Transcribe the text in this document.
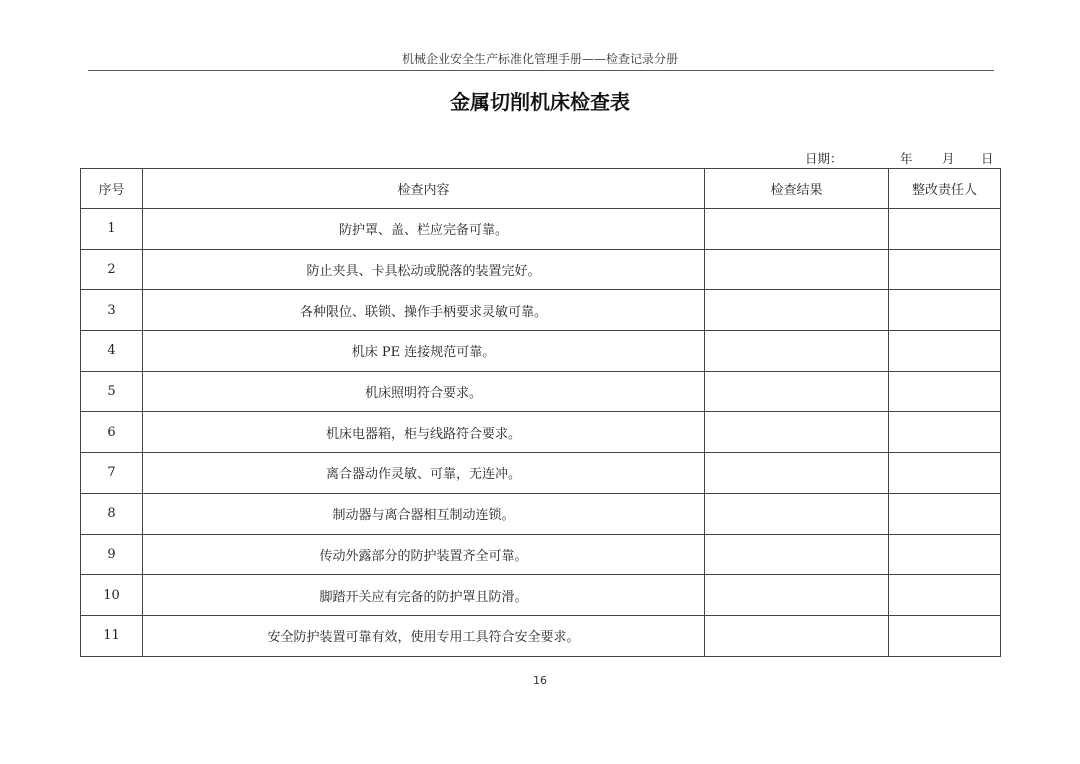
机械企业安全生产标准化管理手册——检查记录分册
金属切削机床检查表
日期：	年 月 日
序号	检查内容	检查结果	整改责任人
1	防护罩、盖、栏应完备可靠。		
2	防止夹具、卡具松动或脱落的装置完好。		
3	各种限位、联锁、操作手柄要求灵敏可靠。		
4	机床 PE 连接规范可靠。		
5	机床照明符合要求。		
6	机床电器箱，柜与线路符合要求。		
7	离合器动作灵敏、可靠，无连冲。		
8	制动器与离合器相互制动连锁。		
9	传动外露部分的防护装置齐全可靠。		
10	脚踏开关应有完备的防护罩且防滑。		
11	安全防护装置可靠有效，使用专用工具符合安全要求。		
16
